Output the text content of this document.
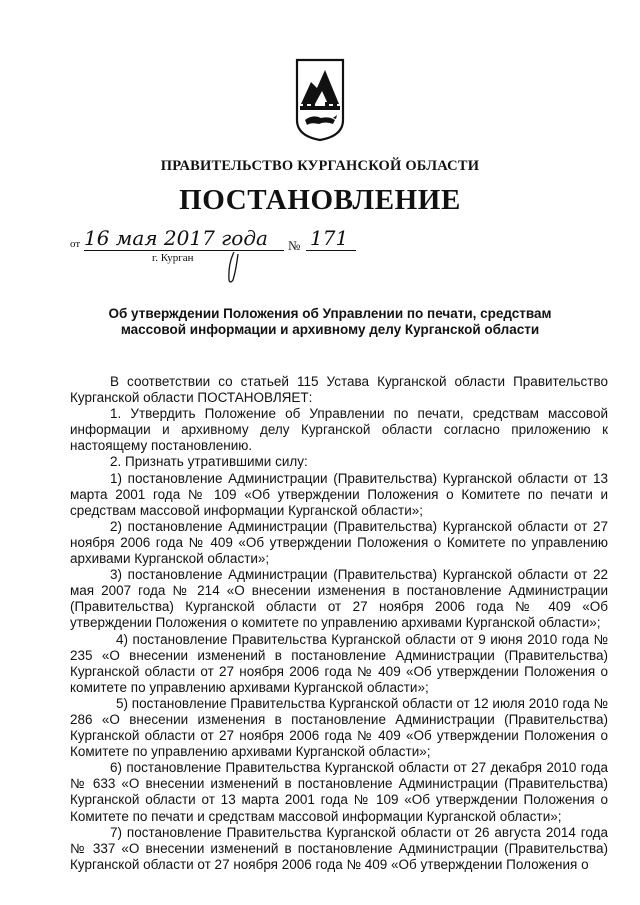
ПРАВИТЕЛЬСТВО КУРГАНСКОЙ ОБЛАСТИ
ПОСТАНОВЛЕНИЕ
от 16 мая 2017 года № 171
г. Курган
Об утверждении Положения об Управлении по печати, средствам
массовой информации и архивному делу Курганской области

В соответствии со статьей 115 Устава Курганской области Правительство Курганской области ПОСТАНОВЛЯЕТ:

1. Утвердить Положение об Управлении по печати, средствам массовой информации и архивному делу Курганской области согласно приложению к настоящему постановлению.

2. Признать утратившими силу:

1) постановление Администрации (Правительства) Курганской области от 13 марта 2001 года № 109 «Об утверждении Положения о Комитете по печати и средствам массовой информации Курганской области»;

2) постановление Администрации (Правительства) Курганской области от 27 ноября 2006 года № 409 «Об утверждении Положения о Комитете по управлению архивами Курганской области»;

3) постановление Администрации (Правительства) Курганской области от 22 мая 2007 года № 214 «О внесении изменения в постановление Администрации (Правительства) Курганской области от 27 ноября 2006 года № 409 «Об утверждении Положения о комитете по управлению архивами Курганской области»;

4) постановление Правительства Курганской области от 9 июня 2010 года № 235 «О внесении изменений в постановление Администрации (Правительства) Курганской области от 27 ноября 2006 года № 409 «Об утверждении Положения о комитете по управлению архивами Курганской области»;

5) постановление Правительства Курганской области от 12 июля 2010 года № 286 «О внесении изменения в постановление Администрации (Правительства) Курганской области от 27 ноября 2006 года № 409 «Об утверждении Положения о Комитете по управлению архивами Курганской области»;

6) постановление Правительства Курганской области от 27 декабря 2010 года № 633 «О внесении изменений в постановление Администрации (Правительства) Курганской области от 13 марта 2001 года № 109 «Об утверждении Положения о Комитете по печати и средствам массовой информации Курганской области»;

7) постановление Правительства Курганской области от 26 августа 2014 года № 337 «О внесении изменений в постановление Администрации (Правительства) Курганской области от 27 ноября 2006 года № 409 «Об утверждении Положения о
